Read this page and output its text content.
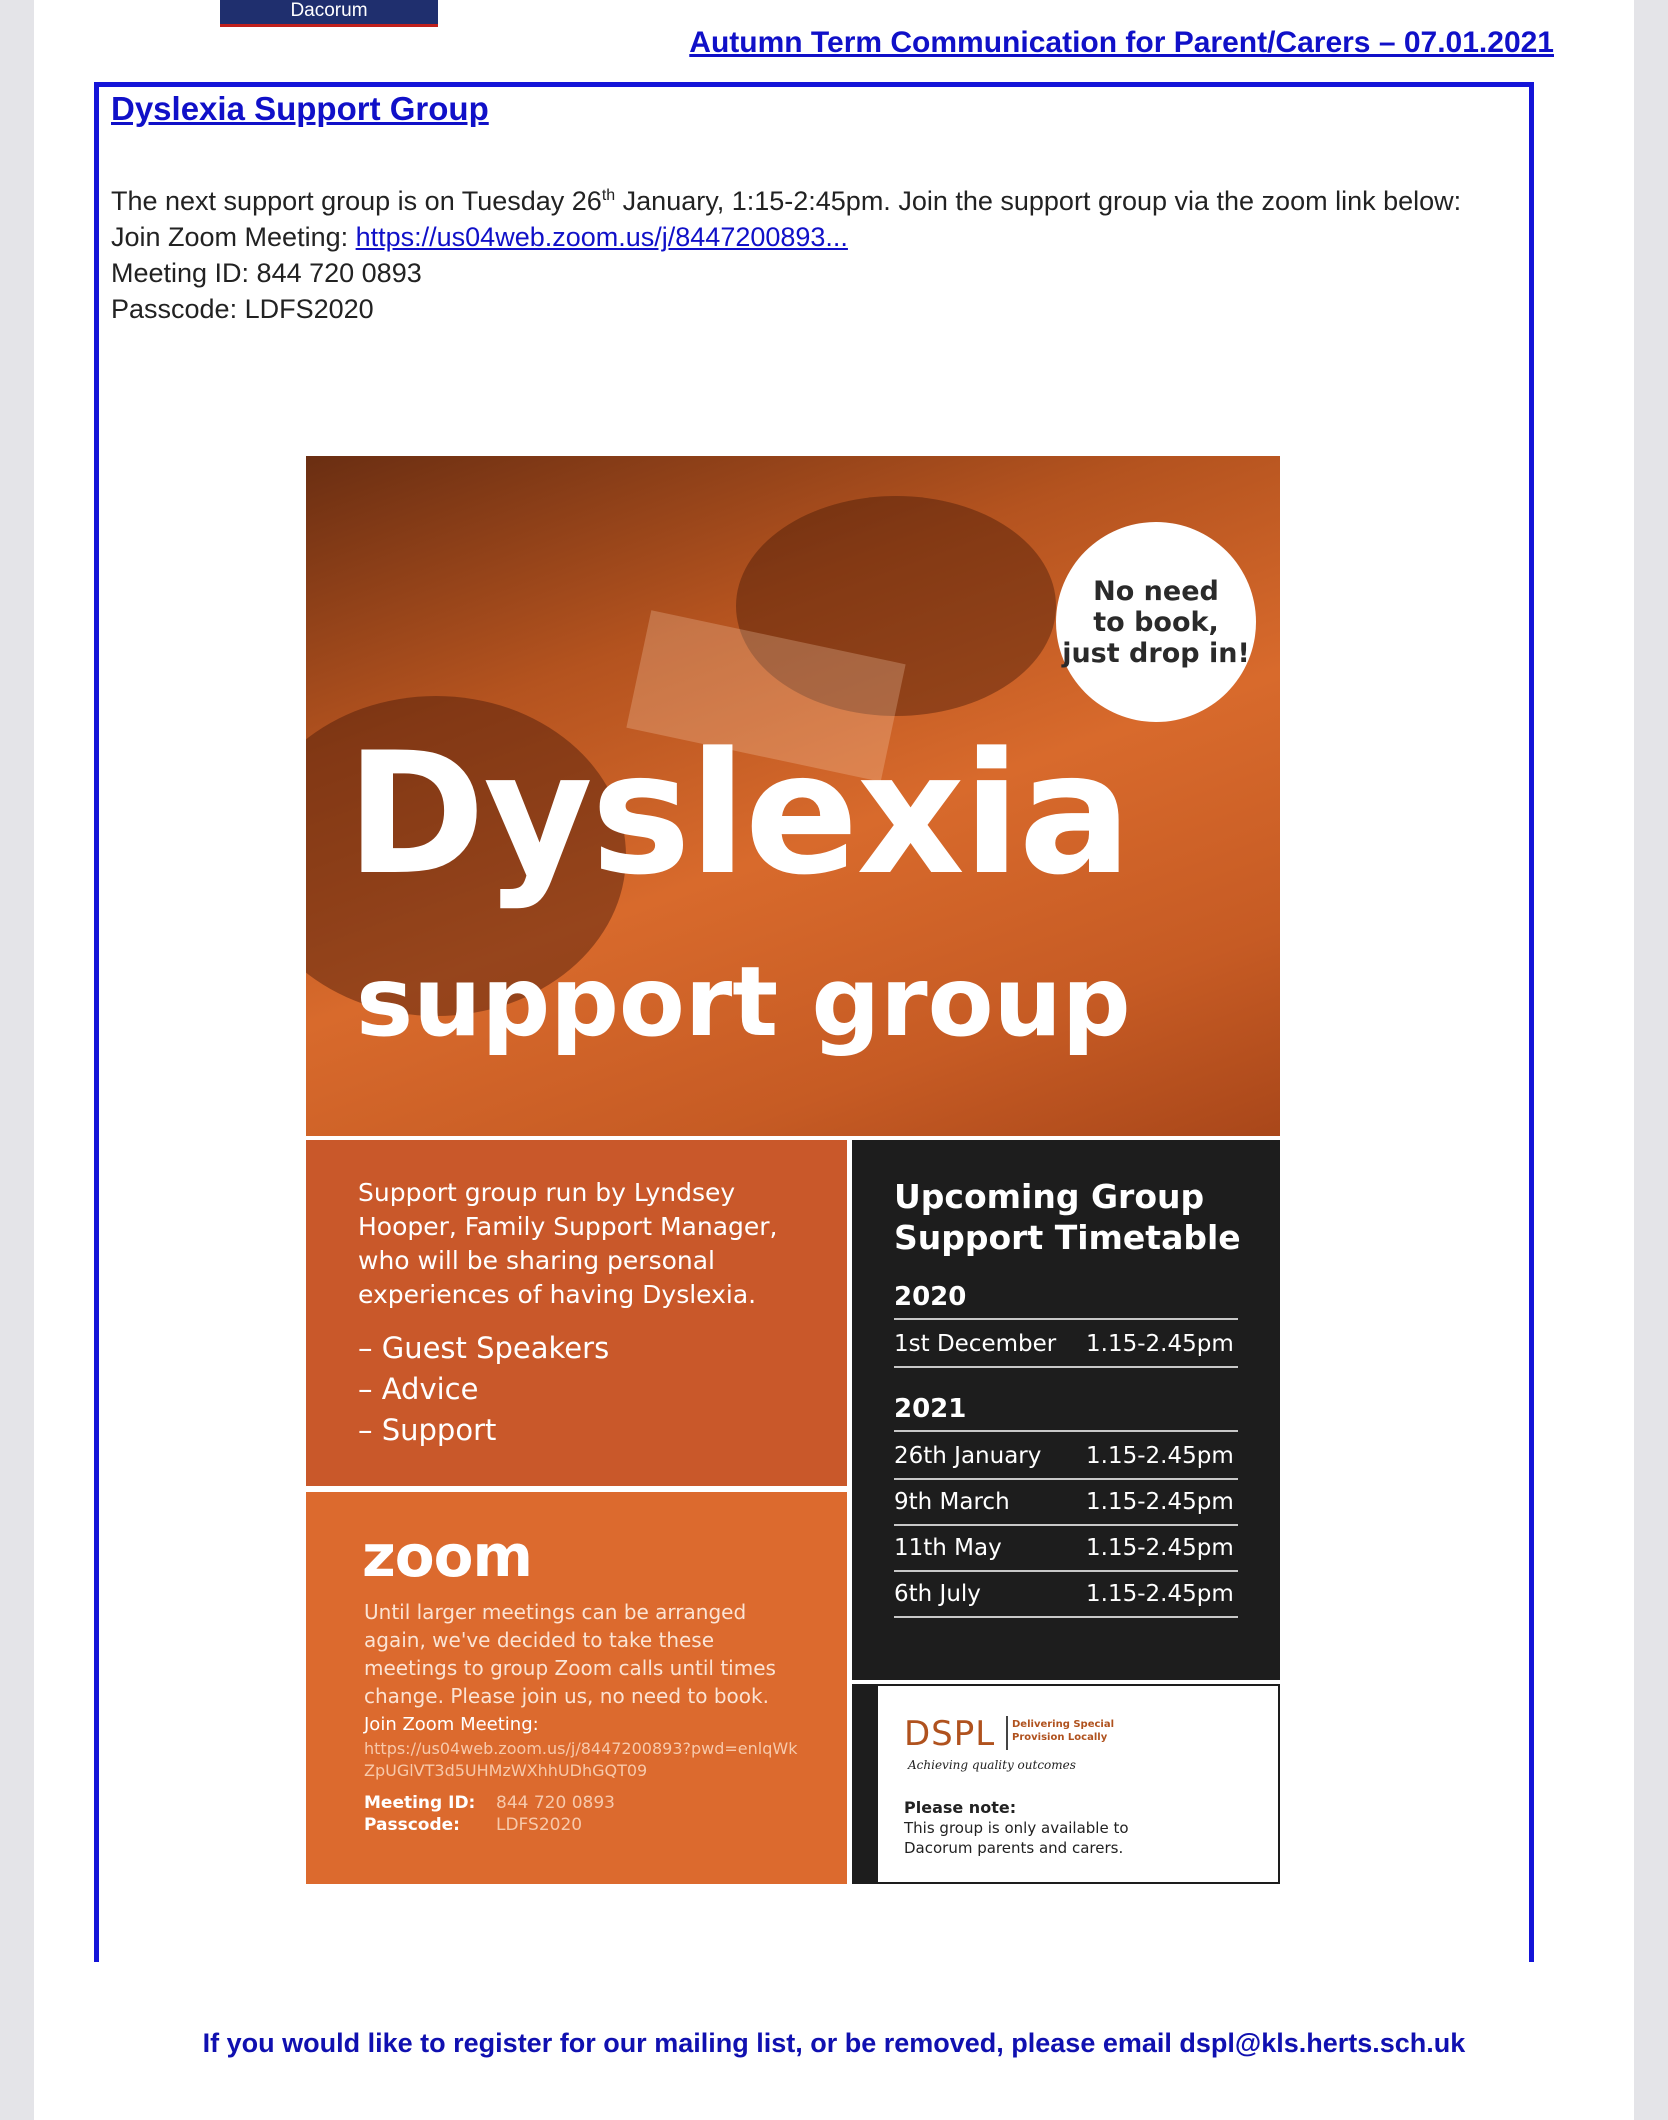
Dacorum
Autumn Term Communication for Parent/Carers – 07.01.2021
Dyslexia Support Group
The next support group is on Tuesday 26th January, 1:15-2:45pm. Join the support group via the zoom link below:
Join Zoom Meeting: https://us04web.zoom.us/j/8447200893...
Meeting ID: 844 720 0893
Passcode: LDFS2020
No need
to book,
just drop in!
Dyslexia
support group
Support group run by Lyndsey Hooper, Family Support Manager, who will be sharing personal experiences of having Dyslexia.
– Guest Speakers
– Advice
– Support
zoom
Until larger meetings can be arranged again, we've decided to take these meetings to group Zoom calls until times change. Please join us, no need to book.
Join Zoom Meeting:
https://us04web.zoom.us/j/8447200893?pwd=enlqWkZpUGlVT3d5UHMzWXhhUDhGQT09
Meeting ID: 844 720 0893
Passcode: LDFS2020
Upcoming Group Support Timetable
2020
1st December 1.15-2.45pm
2021
26th January 1.15-2.45pm
9th March	1.15-2.45pm
11th May	1.15-2.45pm
6th July	1.15-2.45pm
DSPL Delivering Special Provision Locally
Achieving quality outcomes
Please note:
This group is only available to Dacorum parents and carers.
If you would like to register for our mailing list, or be removed, please email dspl@kls.herts.sch.uk
